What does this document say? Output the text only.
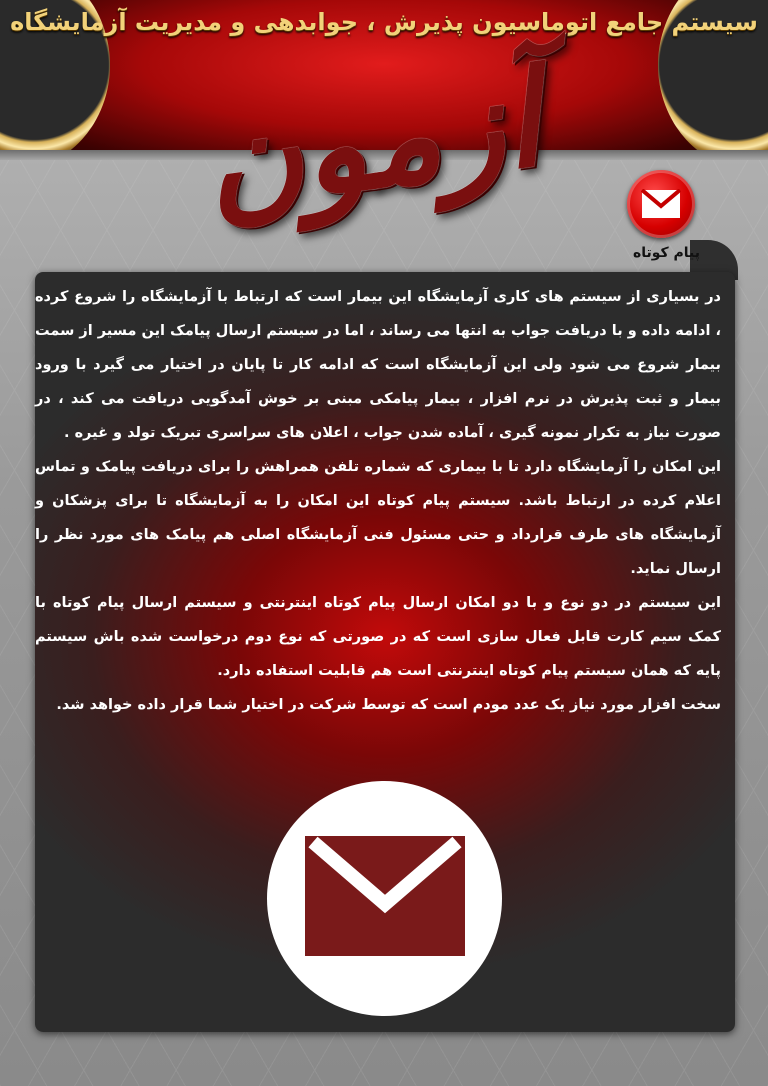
سیستم جامع اتوماسیون پذیرش ، جوابدهی و مدیریت آزمایشگاه
آزمون
پیام کوتاه

در بسیاری از سیستم های کاری آزمایشگاه این بیمار است که ارتباط با آزمایشگاه را شروع کرده ، ادامه داده و با دریافت جواب به انتها می رساند ، اما در سیستم ارسال پیامک این مسیر از سمت بیمار شروع می شود ولی این آزمایشگاه است که ادامه کار تا پایان در اختیار می گیرد با ورود بیمار و ثبت پذیرش در نرم افزار ، بیمار پیامکی مبنی بر خوش آمدگویی دریافت می کند ، در صورت نیاز به تکرار نمونه گیری ، آماده شدن جواب ، اعلان های سراسری تبریک تولد و غیره .

این امکان را آزمایشگاه دارد تا با بیماری که شماره تلفن همراهش را برای دریافت پیامک و تماس اعلام کرده در ارتباط باشد. سیستم پیام کوتاه این امکان را به آزمایشگاه تا برای پزشکان و آزمایشگاه های طرف قرارداد و حتی مسئول فنی آزمایشگاه اصلی هم پیامک های مورد نظر را ارسال نماید.

این سیستم در دو نوع و با دو امکان ارسال پیام کوتاه اینترنتی و سیستم ارسال پیام کوتاه با کمک سیم کارت قابل فعال سازی است که در صورتی که نوع دوم درخواست شده باش سیستم پایه که همان سیستم پیام کوتاه اینترنتی است هم قابلیت استفاده دارد.

سخت افزار مورد نیاز یک عدد مودم است که توسط شرکت در اختیار شما قرار داده خواهد شد.
